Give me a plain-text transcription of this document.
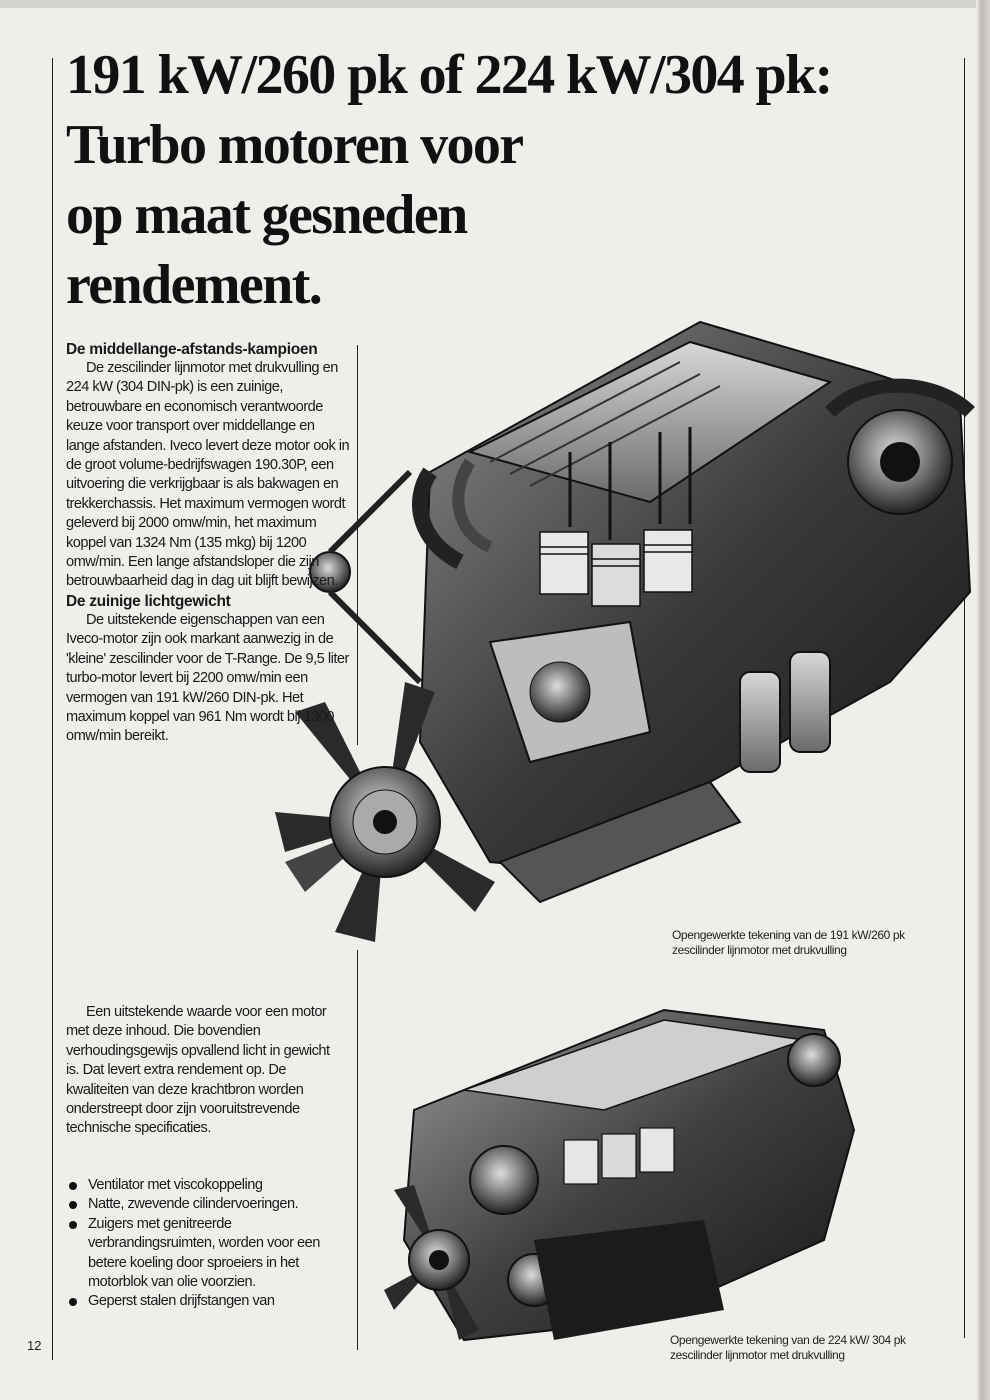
191 kW/260 pk of 224 kW/304 pk:
Turbo motoren voor
op maat gesneden
rendement.
De middellange-afstands-kampioen

De zescilinder lijnmotor met drukvulling en 224 kW (304 DIN-pk) is een zuinige, betrouwbare en economisch verantwoorde keuze voor transport over middellange en lange afstanden. Iveco levert deze motor ook in de groot volume-bedrijfswagen 190.30P, een uitvoering die verkrijgbaar is als bakwagen en trekkerchassis. Het maximum vermogen wordt geleverd bij 2000 omw/min, het maximum koppel van 1324 Nm (135 mkg) bij 1200 omw/min. Een lange afstandsloper die zijn betrouwbaarheid dag in dag uit blijft bewijzen.

De zuinige lichtgewicht

De uitstekende eigenschappen van een Iveco-motor zijn ook markant aanwezig in de 'kleine' zescilinder voor de T-Range. De 9,5 liter turbo-motor levert bij 2200 omw/min een vermogen van 191 kW/260 DIN-pk. Het maximum koppel van 961 Nm wordt bij 1300 omw/min bereikt.

Een uitstekende waarde voor een motor met deze inhoud. Die bovendien verhoudingsgewijs opvallend licht in gewicht is. Dat levert extra rendement op. De kwaliteiten van deze krachtbron worden onderstreept door zijn vooruitstrevende technische specificaties.

Ventilator met viscokoppeling
Natte, zwevende cilindervoeringen.
Zuigers met genitreerde verbrandingsruimten, worden voor een betere koeling door sproeiers in het motorblok van olie voorzien.
Geperst stalen drijfstangen van
Opengewerkte tekening van de 191 kW/260 pk zescilinder lijnmotor met drukvulling
Opengewerkte tekening van de 224 kW/ 304 pk zescilinder lijnmotor met drukvulling
12
